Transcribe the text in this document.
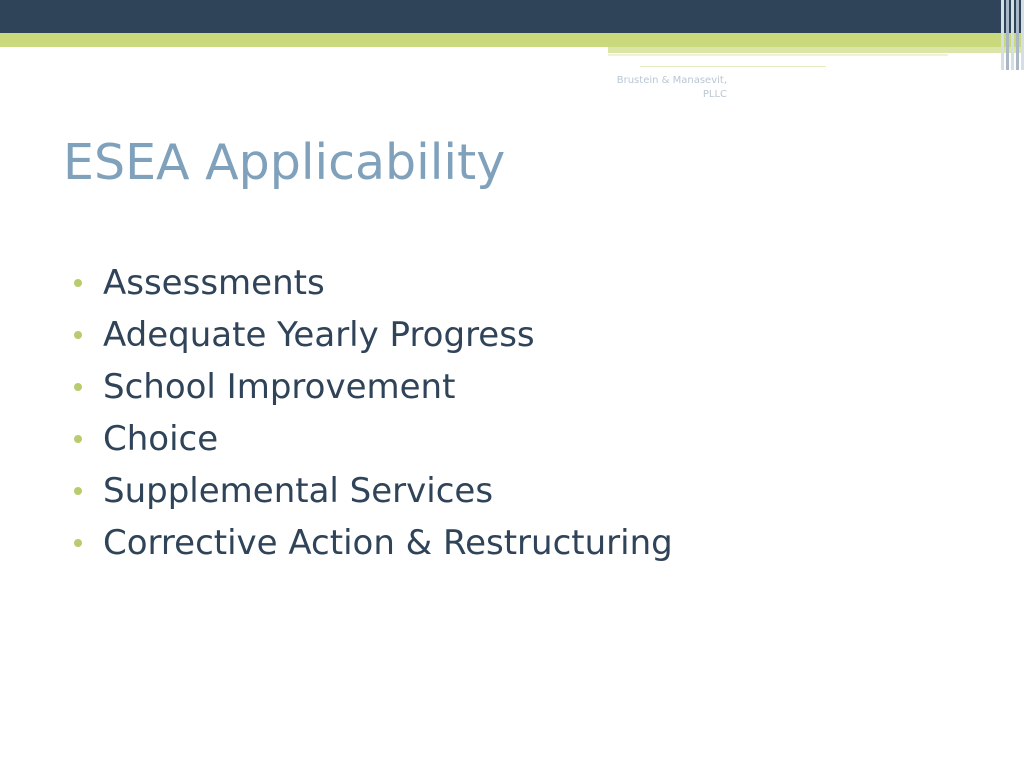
Brustein & Manasevit,
PLLC
ESEA Applicability
Assessments
Adequate Yearly Progress
School Improvement
Choice
Supplemental Services
Corrective Action & Restructuring
